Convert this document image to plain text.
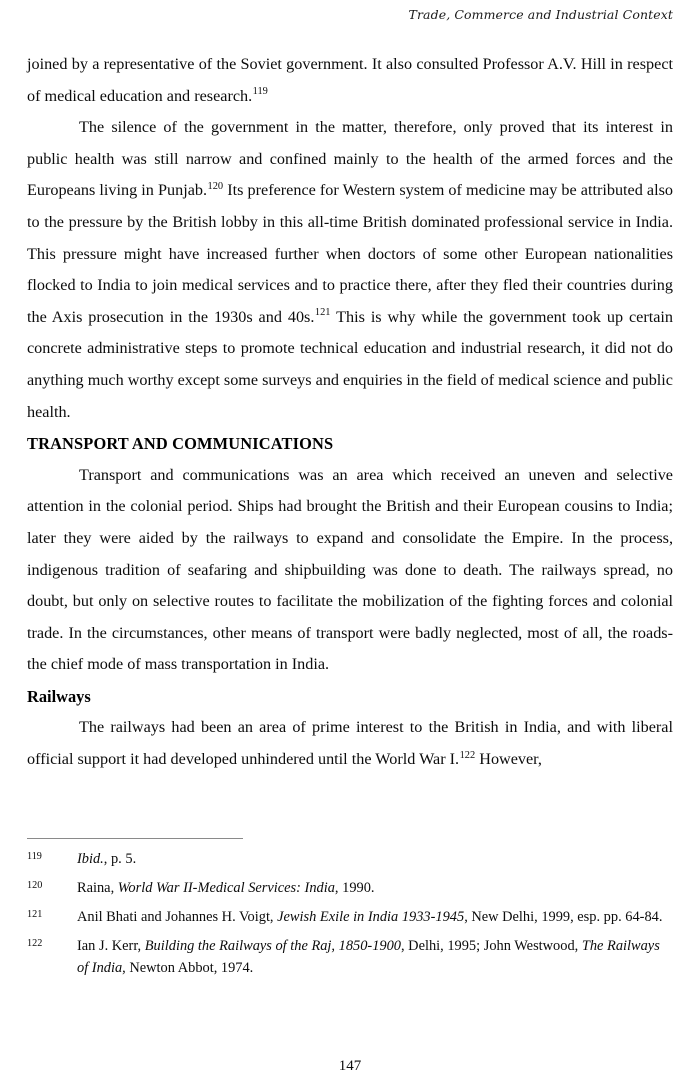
Trade, Commerce and Industrial Context

joined by a representative of the Soviet government. It also consulted Professor A.V. Hill in respect of medical education and research.$^{119}$

The silence of the government in the matter, therefore, only proved that its interest in public health was still narrow and confined mainly to the health of the armed forces and the Europeans living in Punjab.$^{120}$ Its preference for Western system of medicine may be attributed also to the pressure by the British lobby in this all-time British dominated professional service in India. This pressure might have increased further when doctors of some other European nationalities flocked to India to join medical services and to practice there, after they fled their countries during the Axis prosecution in the 1930s and 40s.$^{121}$ This is why while the government took up certain concrete administrative steps to promote technical education and industrial research, it did not do anything much worthy except some surveys and enquiries in the field of medical science and public health.

TRANSPORT AND COMMUNICATIONS

Transport and communications was an area which received an uneven and selective attention in the colonial period. Ships had brought the British and their European cousins to India; later they were aided by the railways to expand and consolidate the Empire. In the process, indigenous tradition of seafaring and shipbuilding was done to death. The railways spread, no doubt, but only on selective routes to facilitate the mobilization of the fighting forces and colonial trade. In the circumstances, other means of transport were badly neglected, most of all, the roads-the chief mode of mass transportation in India.

Railways

The railways had been an area of prime interest to the British in India, and with liberal official support it had developed unhindered until the World War I.$^{122}$ However,

119	Ibid., p. 5.
120	Raina, World War II-Medical Services: India, 1990.
121	Anil Bhati and Johannes H. Voigt, Jewish Exile in India 1933-1945, New Delhi, 1999, esp. pp. 64-84.
122	Ian J. Kerr, Building the Railways of the Raj, 1850-1900, Delhi, 1995; John Westwood, The Railways of India, Newton Abbot, 1974.
147
